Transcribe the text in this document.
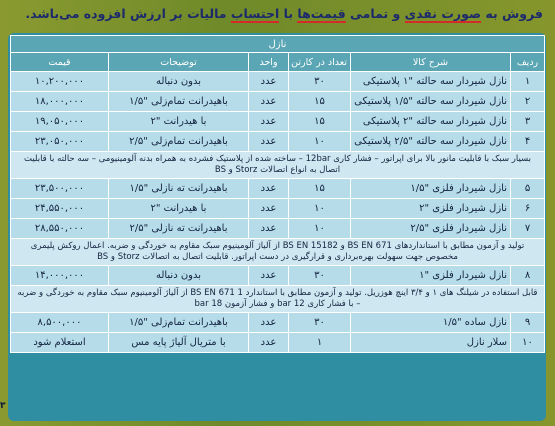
فروش به صورت نقدی و تمامی قیمت‌ها با احتساب مالیات بر ارزش افزوده می‌باشد.
نازل					
ردیف	شرح کالا	تعداد در کارتن	واحد	توضیحات	قیمت
۱	نازل شیردار سه حالته "۱ پلاستیکی	۳۰	عدد	بدون دنباله	۱۰,۲۰۰,۰۰۰
۲	نازل شیردار سه حالته "۱/۵ پلاستیکی	۱۵	عدد	باهیدرانت تمام‌زلی "۱/۵	۱۸,۰۰۰,۰۰۰
۳	نازل شیردار سه حالته "۲ پلاستیکی	۱۵	عدد	با هیدرانت "۲	۱۹,۰۵۰,۰۰۰
۴	نازل شیردار سه حالته "۲/۵ پلاستیکی	۱۰	عدد	باهیدرانت تمام‌زلی "۲/۵	۲۳,۰۵۰,۰۰۰
بسیار سبک با قابلیت مانور بالا برای اپراتور – فشار کاری 12bar – ساخته شده از پلاستیک فشرده به همراه بدنه آلومینیومی – سه حالته با قابلیت اتصال به انواع اتصالات Storz و BS					
۵	نازل شیردار فلزی "۱/۵	۱۵	عدد	باهیدرانت ته نازلی "۱/۵	۲۳,۵۰۰,۰۰۰
۶	نازل شیردار فلزی "۲	۱۰	عدد	با هیدرانت "۲	۲۴,۵۵۰,۰۰۰
۷	نازل شیردار فلزی "۲/۵	۱۰	عدد	باهیدرانت ته نازلی "۲/۵	۲۸,۵۵۰,۰۰۰
تولید و آزمون مطابق با استانداردهای BS EN 671 و BS EN 15182 از آلیاژ آلومینیوم سبک مقاوم به خوردگی و ضربه. اعمال روکش پلیمری مخصوص جهت سهولت بهره‌برداری و قرارگیری در دست اپراتور. قابلیت اتصال به اتصالات Storz و BS					
۸	نازل شیردار فلزی "۱	۳۰	عدد	بدون دنباله	۱۴,۰۰۰,۰۰۰
قابل استفاده در شیلنگ های ۱ و ۳/۴ اینچ هوزریل. تولید و آزمون مطابق با استاندارد BS EN 671 1 از آلیاژ آلومینیوم سبک مقاوم به خوردگی و ضربه – با فشار کاری 12 bar و فشار آزمون 18 bar					
۹	نازل ساده "۱/۵	۳۰	عدد	باهیدرانت تمام‌زلی "۱/۵	۸,۵۰۰,۰۰۰
۱۰	سلار نازل	۱	عدد	با متریال آلیاژ پایه مس	استعلام شود
۳
